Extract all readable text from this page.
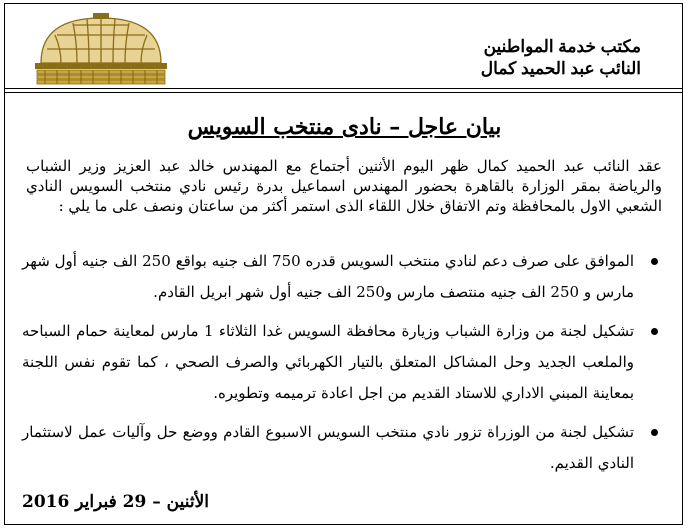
مكتب خدمة المواطنين
النائب عبد الحميد كمال
بيان عاجل – نادى منتخب السويس
عقد النائب عبد الحميد كمال ظهر اليوم الأثنين أجتماع مع المهندس خالد عبد العزيز وزير الشباب والرياضة بمقر الوزارة بالقاهرة بحضور المهندس اسماعيل بدرة رئيس نادي منتخب السويس النادي الشعبي الاول بالمحافظة وتم الاتفاق خلال اللقاء الذى استمر أكثر من ساعتان ونصف على ما يلي :
الموافق على صرف دعم لنادي منتخب السويس قدره 750 الف جنيه بواقع 250 الف جنيه أول شهر مارس و 250 الف جنيه منتصف مارس و250 الف جنيه أول شهر ابريل القادم.
تشكيل لجنة من وزارة الشباب وزيارة محافظة السويس غدا الثلاثاء 1 مارس لمعاينة حمام السباحه والملعب الجديد وحل المشاكل المتعلق بالتيار الكهربائي والصرف الصحي ، كما تقوم نفس اللجنة بمعاينة المبني الاداري للاستاد القديم من اجل اعادة ترميمه وتطويره.
تشكيل لجنة من الوزراة تزور نادي منتخب السويس الاسبوع القادم ووضع حل وآليات عمل لاستثمار النادي القديم.
الأثنين – 29 فبراير 2016
